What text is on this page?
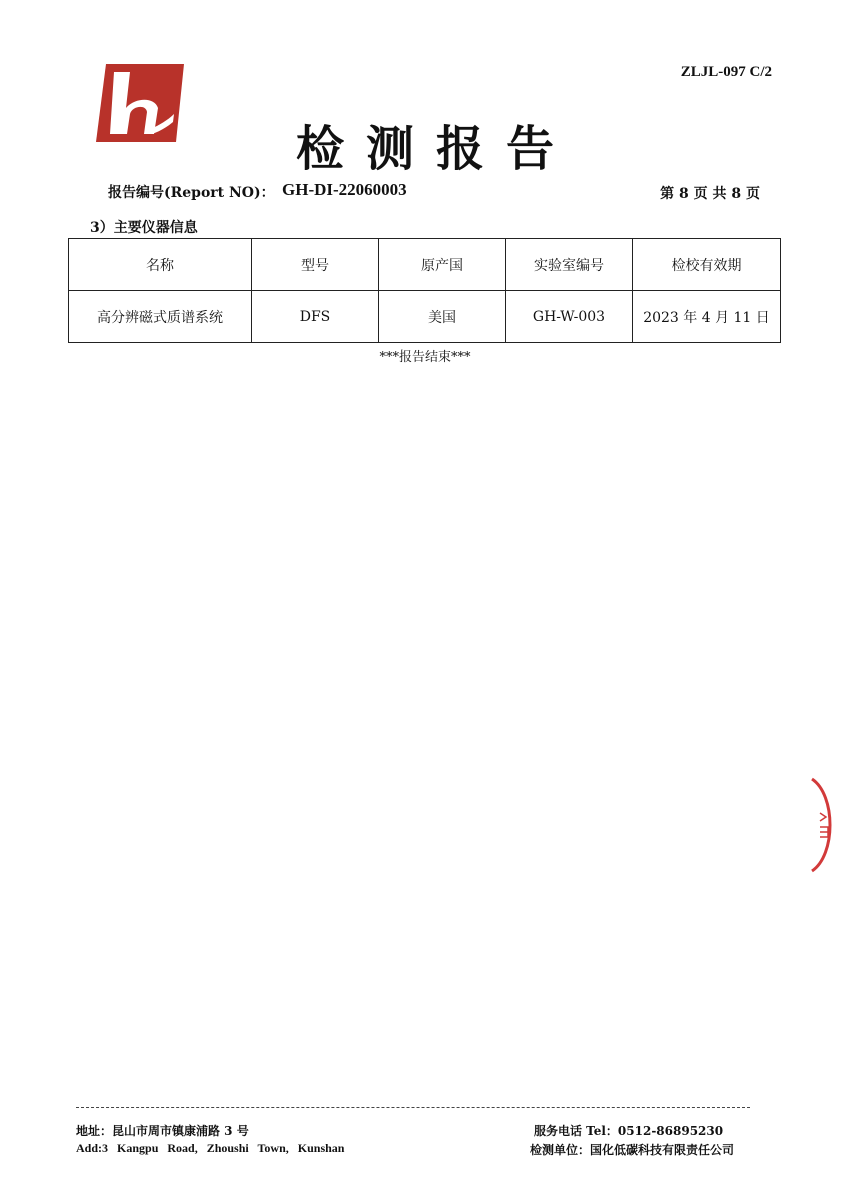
ZLJL-097 C/2
检测报告
报告编号(Report NO)： GH-DI-22060003	第 8 页 共 8 页
3）主要仪器信息
名称	型号	原产国	实验室编号	检校有效期
高分辨磁式质谱系统	DFS	美国	GH-W-003	2023 年 4 月 11 日
***报告结束***
地址：昆山市周市镇康浦路 3 号
Add:3 Kangpu Road, Zhoushi Town, Kunshan
服务电话 Tel：0512-86895230
检测单位：国化低碳科技有限责任公司
